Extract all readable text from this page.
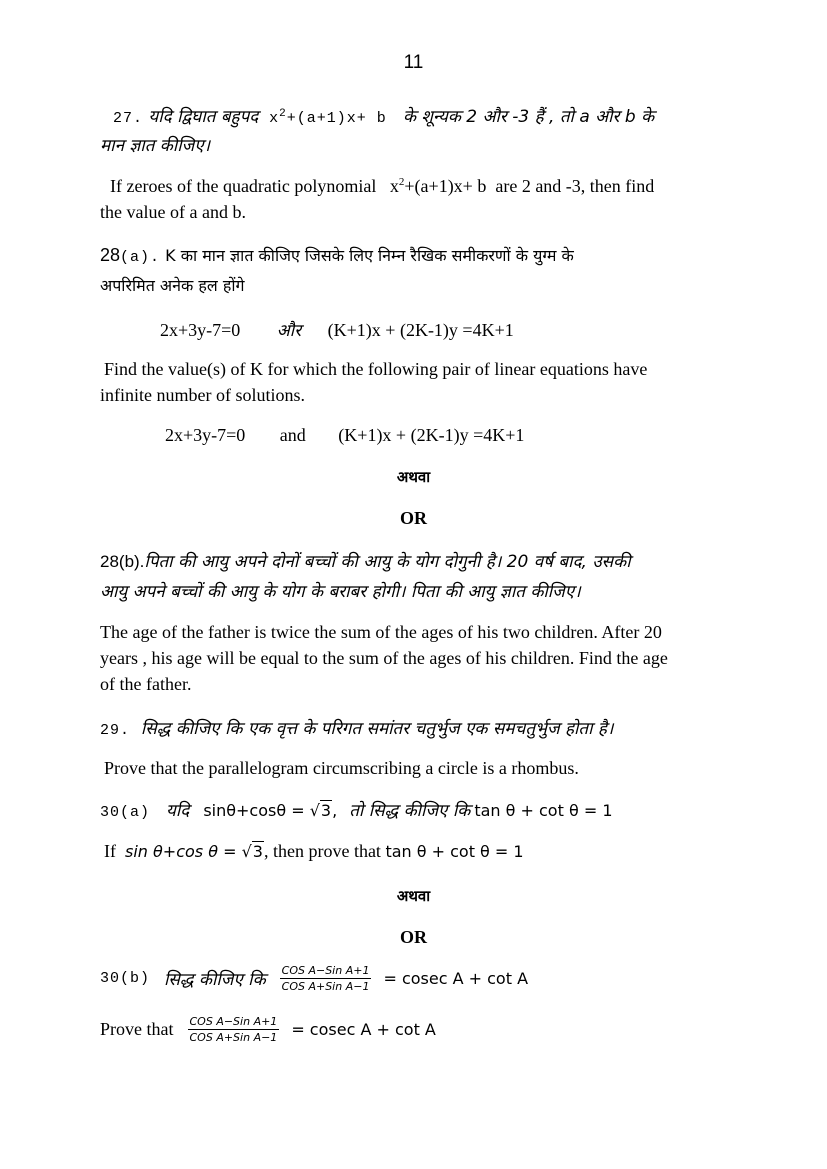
11
27. यदि द्विघात बहुपद $x^2+(a+1)x+ b$ के शून्यक 2 और -3 हैं , तो a और b के
मान ज्ञात कीजिए।
If zeroes of the quadratic polynomial $x^2+(a+1)x+ b$ are 2 and -3, then find
the value of a and b.
28(a). K का मान ज्ञात कीजिए जिसके लिए निम्न रैखिक समीकरणों के युग्म के
अपरिमित अनेक हल होंगे
2x+3y-7=0 और (K+1)x + (2K-1)y =4K+1
Find the value(s) of K for which the following pair of linear equations have
infinite number of solutions.
2x+3y-7=0 and (K+1)x + (2K-1)y =4K+1
अथवा
OR
28(b).पिता की आयु अपने दोनों बच्चों की आयु के योग दोगुनी है। 20 वर्ष बाद, उसकी
आयु अपने बच्चों की आयु के योग के बराबर होगी। पिता की आयु ज्ञात कीजिए।
The age of the father is twice the sum of the ages of his two children. After 20
years , his age will be equal to the sum of the ages of his children. Find the age
of the father.
29. सिद्ध कीजिए कि एक वृत्त के परिगत समांतर चतुर्भुज एक समचतुर्भुज होता है।
Prove that the parallelogram circumscribing a circle is a rhombus.
30(a) यदि sinθ+cosθ = √3, तो सिद्ध कीजिए कि tan θ + cot θ = 1
If sin θ+cos θ = √3, then prove that tan θ + cot θ = 1
अथवा
OR
30(b) सिद्ध कीजिए कि $\frac{\text{COS A−Sin A+1}}{\text{COS A+Sin A−1}} = cosec$ A + cot A
Prove that $\frac{\text{COS A−Sin A+1}}{\text{COS A+Sin A−1}} = cosec$ A + cot A
